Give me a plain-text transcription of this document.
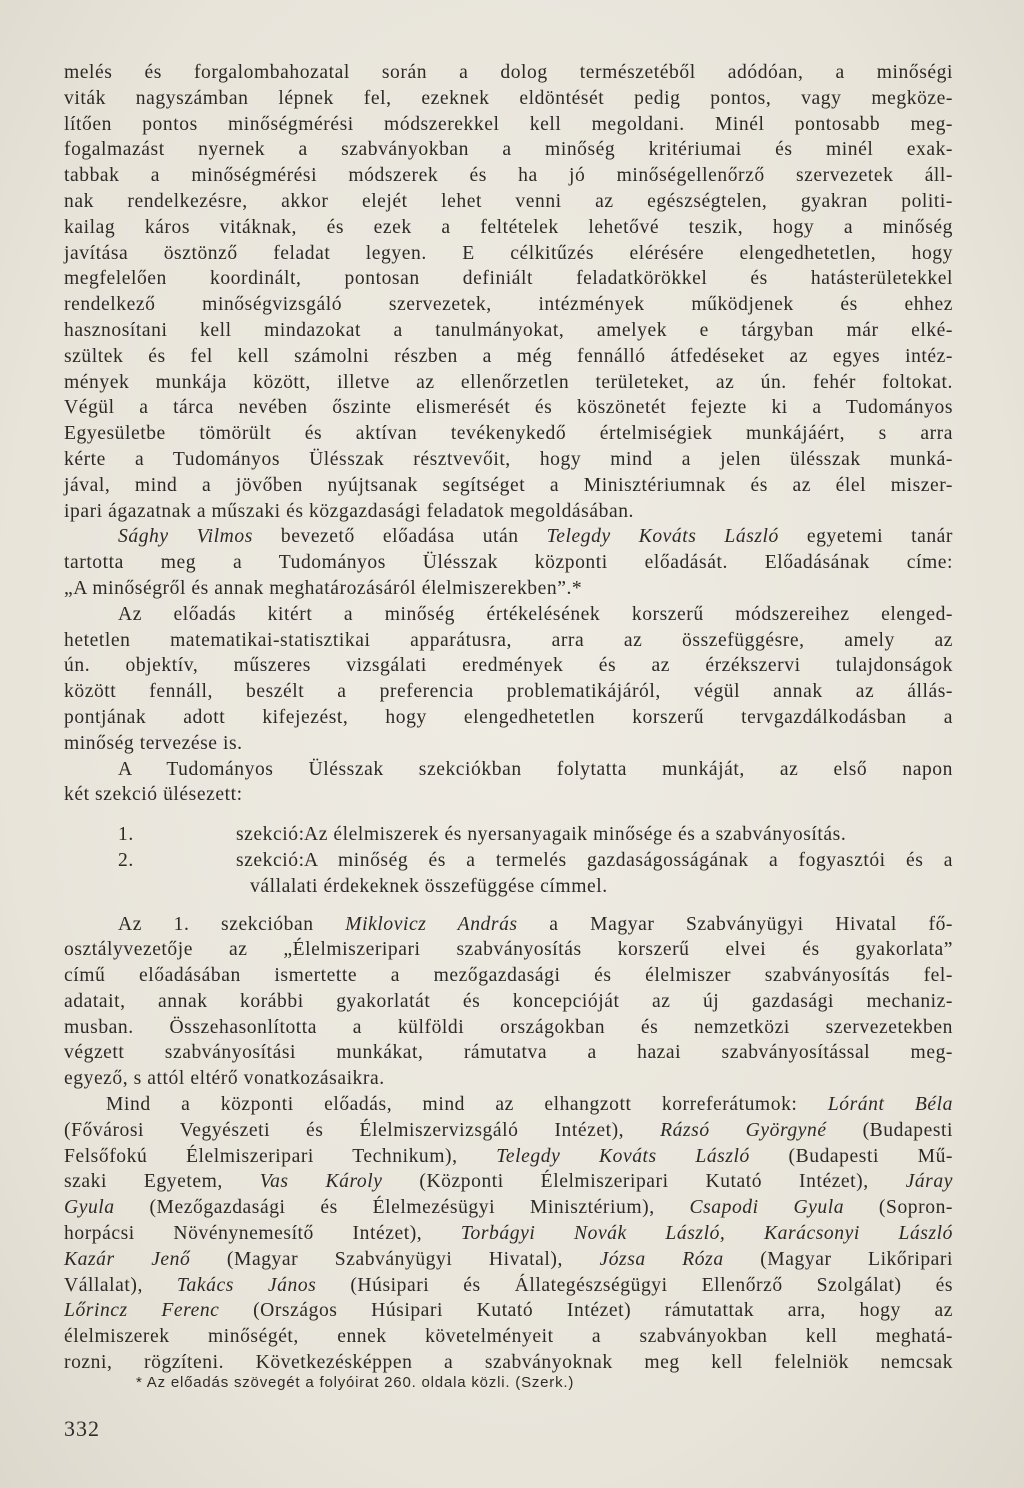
melés és forgalombahozatal során a dolog természetéből adódóan, a minőségi
viták nagyszámban lépnek fel, ezeknek eldöntését pedig pontos, vagy megköze-
lítően pontos minőségmérési módszerekkel kell megoldani. Minél pontosabb meg-
fogalmazást nyernek a szabványokban a minőség kritériumai és minél exak-
tabbak a minőségmérési módszerek és ha jó minőségellenőrző szervezetek áll-
nak rendelkezésre, akkor elejét lehet venni az egészségtelen, gyakran politi-
kailag káros vitáknak, és ezek a feltételek lehetővé teszik, hogy a minőség
javítása ösztönző feladat legyen. E célkitűzés elérésére elengedhetetlen, hogy
megfelelően koordinált, pontosan definiált feladatkörökkel és hatásterületekkel
rendelkező minőségvizsgáló szervezetek, intézmények működjenek és ehhez
hasznosítani kell mindazokat a tanulmányokat, amelyek e tárgyban már elké-
szültek és fel kell számolni részben a még fennálló átfedéseket az egyes intéz-
mények munkája között, illetve az ellenőrzetlen területeket, az ún. fehér foltokat.
Végül a tárca nevében őszinte elismerését és köszönetét fejezte ki a Tudományos
Egyesületbe tömörült és aktívan tevékenykedő értelmiségiek munkájáért, s arra
kérte a Tudományos Ülésszak résztvevőit, hogy mind a jelen ülésszak munká-
jával, mind a jövőben nyújtsanak segítséget a Minisztériumnak és az élel miszer-
ipari ágazatnak a műszaki és közgazdasági feladatok megoldásában.
Sághy Vilmos bevezető előadása után Telegdy Kováts László egyetemi tanár
tartotta meg a Tudományos Ülésszak központi előadását. Előadásának címe:
„A minőségről és annak meghatározásáról élelmiszerekben”.*
Az előadás kitért a minőség értékelésének korszerű módszereihez elenged-
hetetlen matematikai-statisztikai apparátusra, arra az összefüggésre, amely az
ún. objektív, műszeres vizsgálati eredmények és az érzékszervi tulajdonságok
között fennáll, beszélt a preferencia problematikájáról, végül annak az állás-
pontjának adott kifejezést, hogy elengedhetetlen korszerű tervgazdálkodásban a
minőség tervezése is.
A Tudományos Ülésszak szekciókban folytatta munkáját, az első napon
két szekció ülésezett:
1.	szekció: Az élelmiszerek és nyersanyagaik minősége és a szabványosítás.
2.	szekció: A minőség és a termelés gazdaságosságának a fogyasztói és a
vállalati érdekeknek összefüggése címmel.
Az 1. szekcióban Miklovicz András a Magyar Szabványügyi Hivatal fő-
osztályvezetője az „Élelmiszeripari szabványosítás korszerű elvei és gyakorlata”
című előadásában ismertette a mezőgazdasági és élelmiszer szabványosítás fel-
adatait, annak korábbi gyakorlatát és koncepcióját az új gazdasági mechaniz-
musban. Összehasonlította a külföldi országokban és nemzetközi szervezetekben
végzett szabványosítási munkákat, rámutatva a hazai szabványosítással meg-
egyező, s attól eltérő vonatkozásaikra.
Mind a központi előadás, mind az elhangzott korreferátumok: Lóránt Béla
(Fővárosi Vegyészeti és Élelmiszervizsgáló Intézet), Rázsó Györgyné (Budapesti
Felsőfokú Élelmiszeripari Technikum), Telegdy Kováts László (Budapesti Mű-
szaki Egyetem, Vas Károly (Központi Élelmiszeripari Kutató Intézet), Járay
Gyula (Mezőgazdasági és Élelmezésügyi Minisztérium), Csapodi Gyula (Sopron-
horpácsi Növénynemesítő Intézet), Torbágyi Novák László, Karácsonyi László
Kazár Jenő (Magyar Szabványügyi Hivatal), Józsa Róza (Magyar Likőripari
Vállalat), Takács János (Húsipari és Állategészségügyi Ellenőrző Szolgálat) és
Lőrincz Ferenc (Országos Húsipari Kutató Intézet) rámutattak arra, hogy az
élelmiszerek minőségét, ennek követelményeit a szabványokban kell meghatá-
rozni, rögzíteni. Következésképpen a szabványoknak meg kell felelniök nemcsak
* Az előadás szövegét a folyóirat 260. oldala közli. (Szerk.)
332
